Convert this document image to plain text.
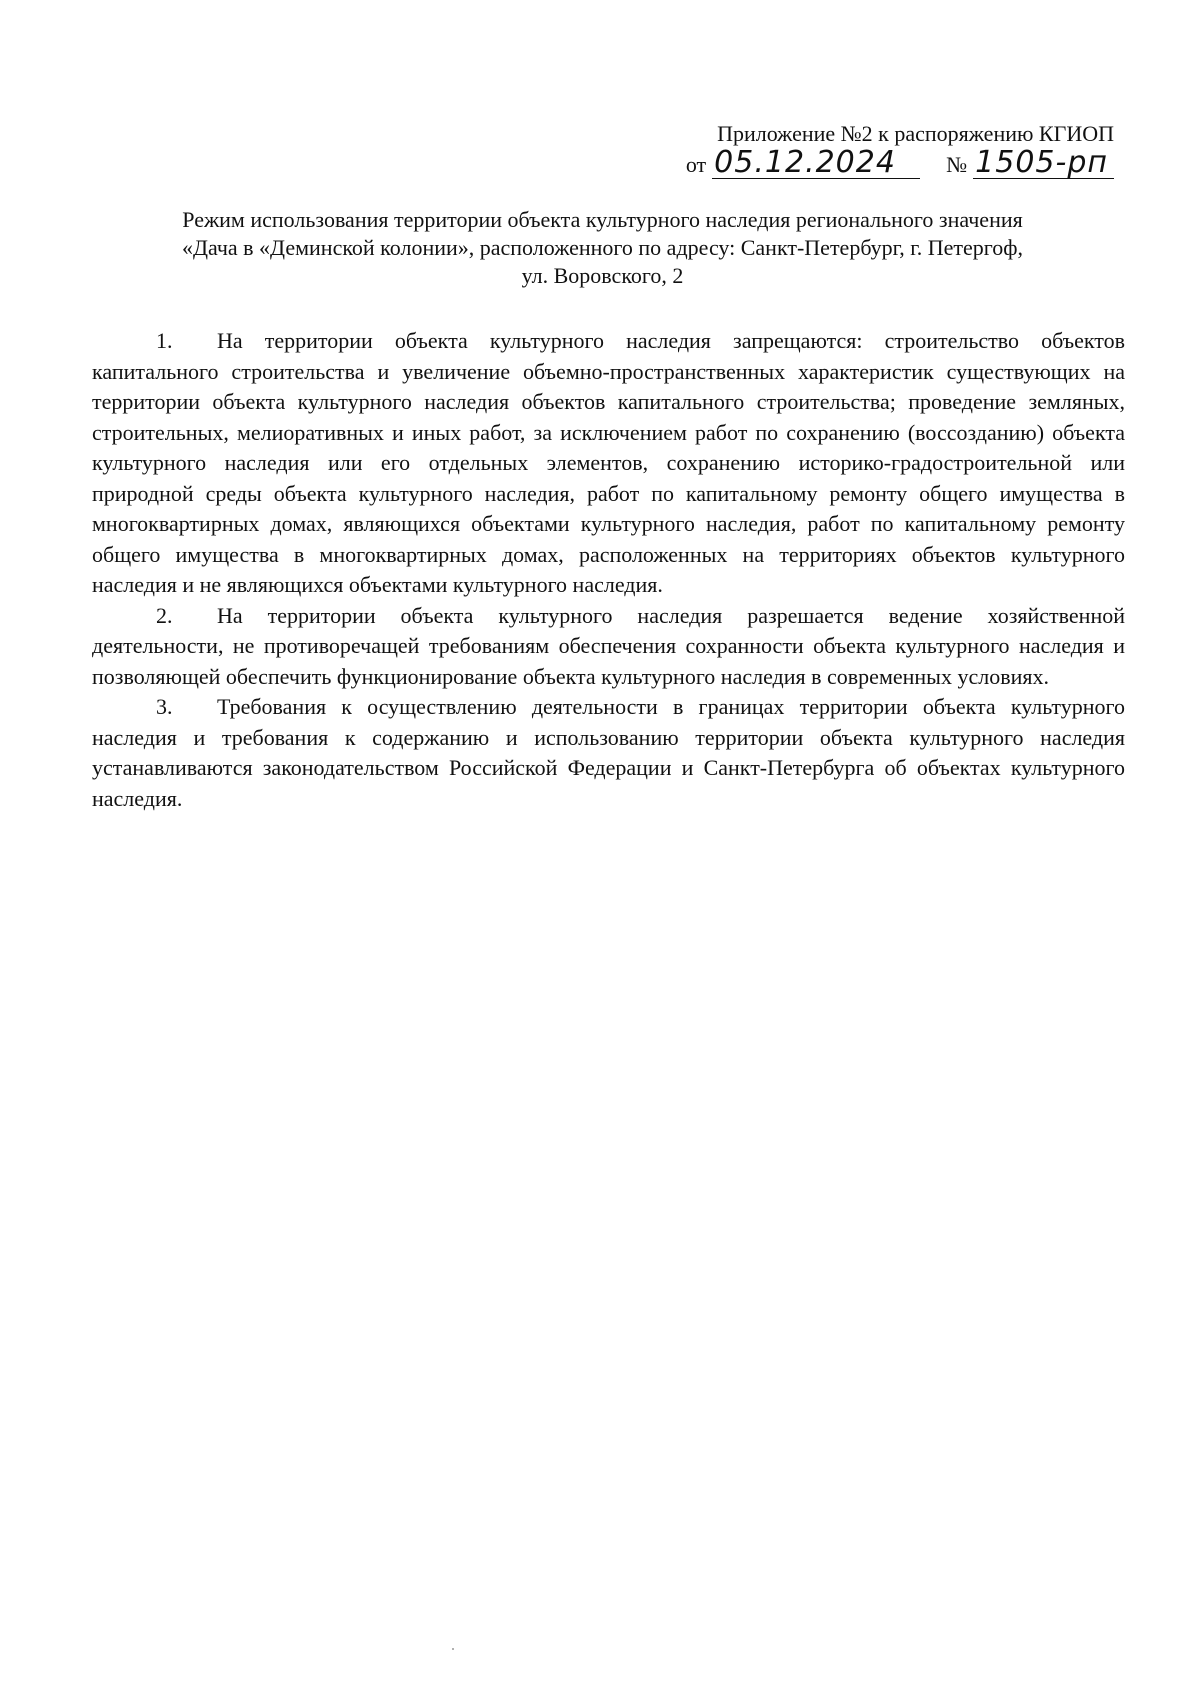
Приложение №2 к распоряжению КГИОП
от 05.12.2024	№ 1505-рп
Режим использования территории объекта культурного наследия регионального значения
«Дача в «Деминской колонии», расположенного по адресу: Санкт-Петербург, г. Петергоф,
ул. Воровского, 2

1. На территории объекта культурного наследия запрещаются: строительство объектов капитального строительства и увеличение объемно-пространственных характеристик существующих на территории объекта культурного наследия объектов капитального строительства; проведение земляных, строительных, мелиоративных и иных работ, за исключением работ по сохранению (воссозданию) объекта культурного наследия или его отдельных элементов, сохранению историко-градостроительной или природной среды объекта культурного наследия, работ по капитальному ремонту общего имущества в многоквартирных домах, являющихся объектами культурного наследия, работ по капитальному ремонту общего имущества в многоквартирных домах, расположенных на территориях объектов культурного наследия и не являющихся объектами культурного наследия.

2. На территории объекта культурного наследия разрешается ведение хозяйственной деятельности, не противоречащей требованиям обеспечения сохранности объекта культурного наследия и позволяющей обеспечить функционирование объекта культурного наследия в современных условиях.

3. Требования к осуществлению деятельности в границах территории объекта культурного наследия и требования к содержанию и использованию территории объекта культурного наследия устанавливаются законодательством Российской Федерации и Санкт-Петербурга об объектах культурного наследия.
